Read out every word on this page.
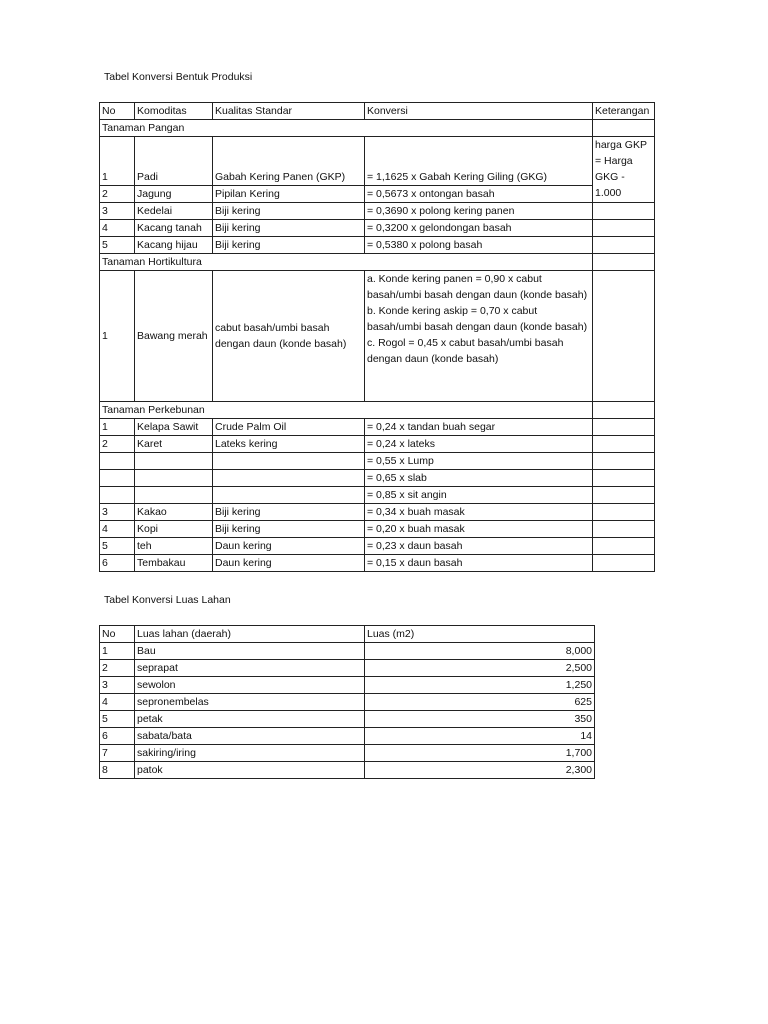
Tabel Konversi Bentuk Produksi
No	Komoditas	Kualitas Standar	Konversi	Keterangan
Tanaman Pangan				
1	Padi	Gabah Kering Panen (GKP)	= 1,1625 x Gabah Kering Giling (GKG)	harga GKP = Harga GKG - 1.000
2	Jagung	Pipilan Kering	= 0,5673 x ontongan basah	
3	Kedelai	Biji kering	= 0,3690 x polong kering panen	
4	Kacang tanah	Biji kering	= 0,3200 x gelondongan basah	
5	Kacang hijau	Biji kering	= 0,5380 x polong basah	
Tanaman Hortikultura				
1	Bawang merah	cabut basah/umbi basah dengan daun (konde basah)	a. Konde kering panen = 0,90 x cabut basah/umbi basah dengan daun (konde basah)
b. Konde kering askip = 0,70 x cabut basah/umbi basah dengan daun (konde basah)
c. Rogol = 0,45 x cabut basah/umbi basah dengan daun (konde basah)	

Tanaman Perkebunan				
1	Kelapa Sawit	Crude Palm Oil	= 0,24 x tandan buah segar	
2	Karet	Lateks kering	= 0,24 x lateks	
			= 0,55 x Lump	
			= 0,65 x slab	
			= 0,85 x sit angin	
3	Kakao	Biji kering	= 0,34 x buah masak	
4	Kopi	Biji kering	= 0,20 x buah masak	
5	teh	Daun kering	= 0,23 x daun basah	
6	Tembakau	Daun kering	= 0,15 x daun basah	
Tabel Konversi Luas Lahan
No	Luas lahan (daerah)	Luas (m2)
1	Bau	8,000
2	seprapat	2,500
3	sewolon	1,250
4	sepronembelas	625
5	petak	350
6	sabata/bata	14
7	sakiring/iring	1,700
8	patok	2,300
